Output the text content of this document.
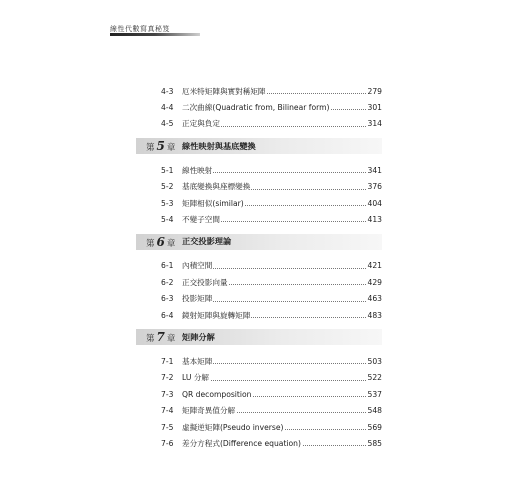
線性代數寫真秘笈
4-3	厄米特矩陣與實對稱矩陣	279
4-4	二次曲線(Quadratic from, Bilinear form)	301
4-5	正定與負定	314
第 5 章 線性映射與基底變換
5-1	線性映射	341
5-2	基底變換與座標變換	376
5-3	矩陣相似(similar)	404
5-4	不變子空間	413
第 6 章 正交投影理論
6-1	內積空間	421
6-2	正交投影向量	429
6-3	投影矩陣	463
6-4	鏡射矩陣與旋轉矩陣	483
第 7 章 矩陣分解
7-1	基本矩陣	503
7-2	LU 分解	522
7-3	QR decomposition	537
7-4	矩陣奇異值分解	548
7-5	虛擬逆矩陣(Pseudo inverse)	569
7-6	差分方程式(Difference equation)	585
